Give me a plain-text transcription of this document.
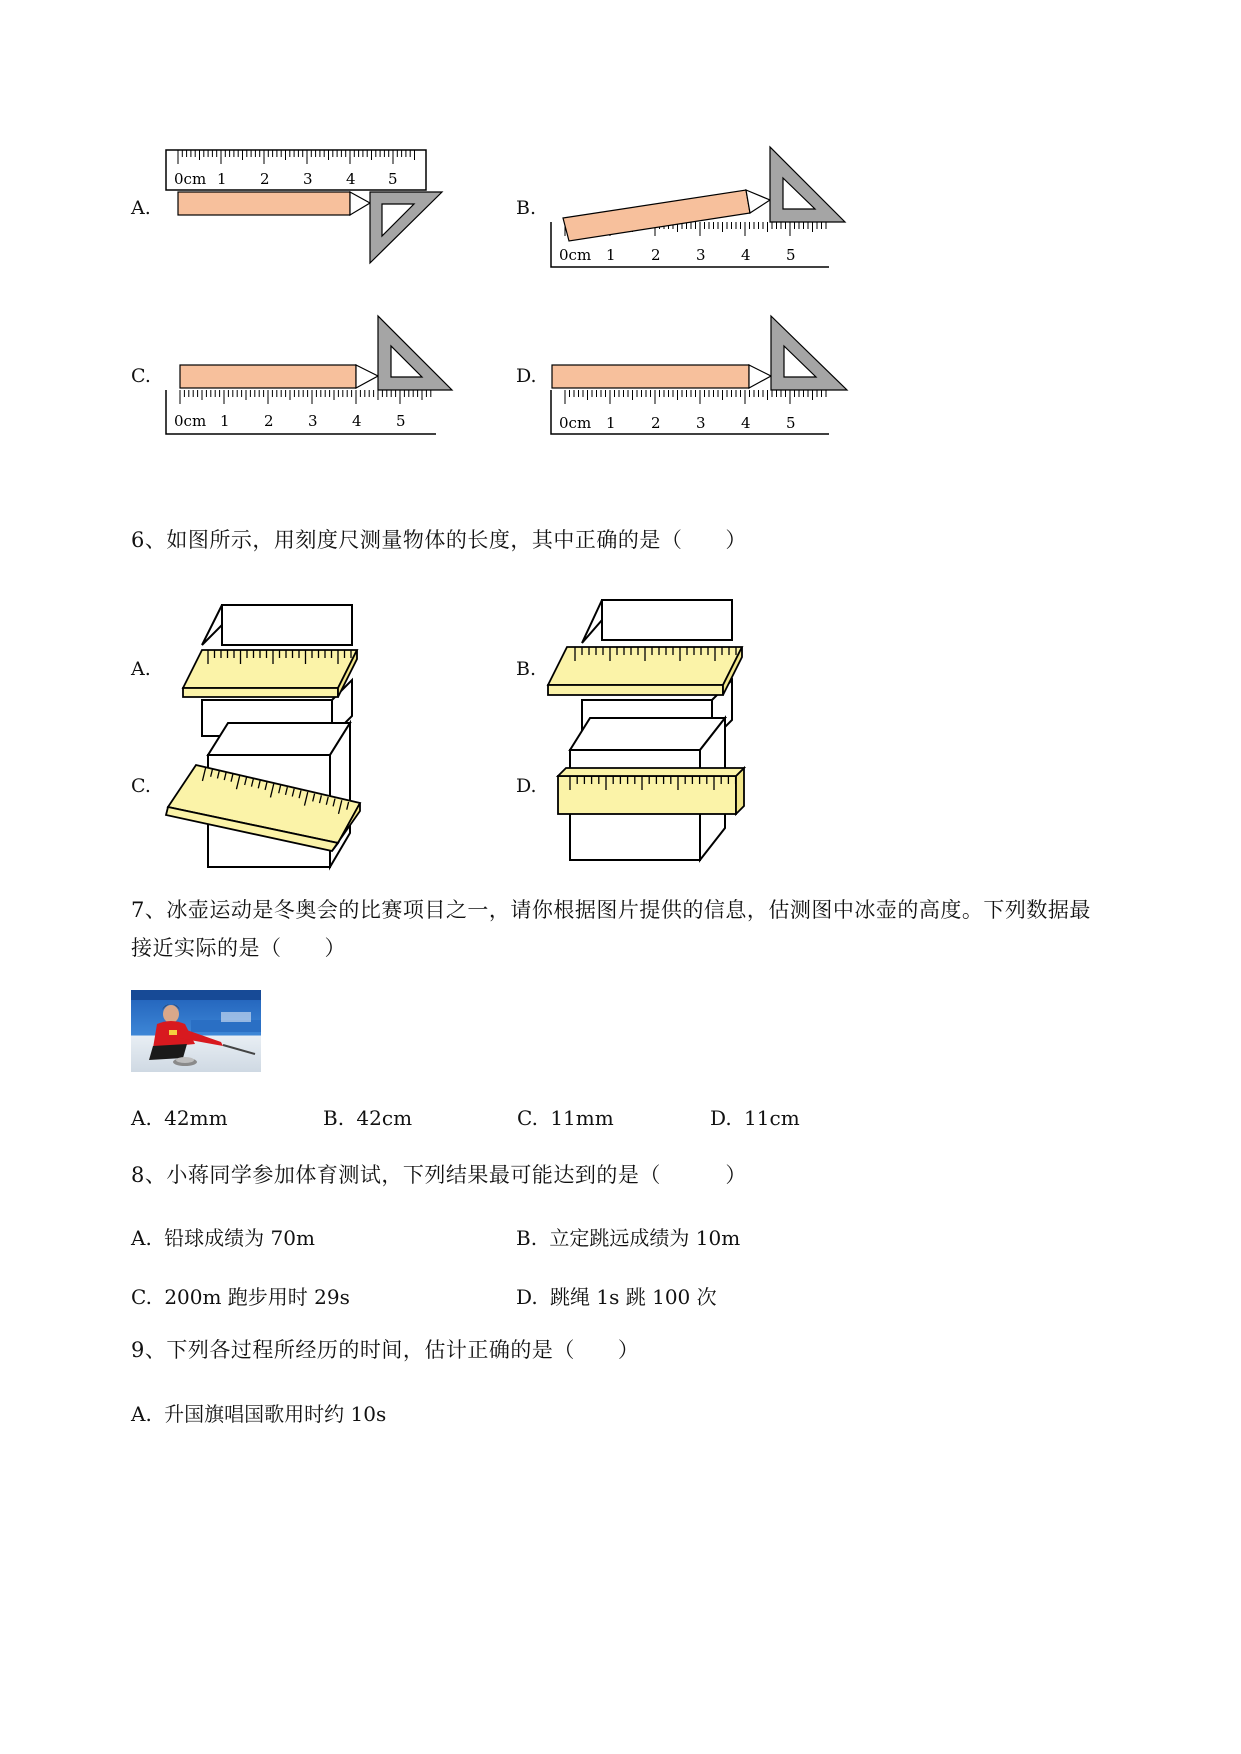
A.
0cm 1 2 3 4 5
B.
0cm 1 2 3 4 5
C.
0cm 1 2 3 4 5
D.
0cm 1 2 3 4 5
6、如图所示，用刻度尺测量物体的长度，其中正确的是（　　）
A.	B.
C.	D.
7、冰壶运动是冬奥会的比赛项目之一，请你根据图片提供的信息，估测图中冰壶的高度。下列数据最
接近实际的是（　　）
A. 42mm	B. 42cm	C. 11mm	D. 11cm
8、小蒋同学参加体育测试，下列结果最可能达到的是（　　　）
A. 铅球成绩为 70m	B. 立定跳远成绩为 10m
C. 200m 跑步用时 29s	D. 跳绳 1s 跳 100 次
9、下列各过程所经历的时间，估计正确的是（　　）
A. 升国旗唱国歌用时约 10s
